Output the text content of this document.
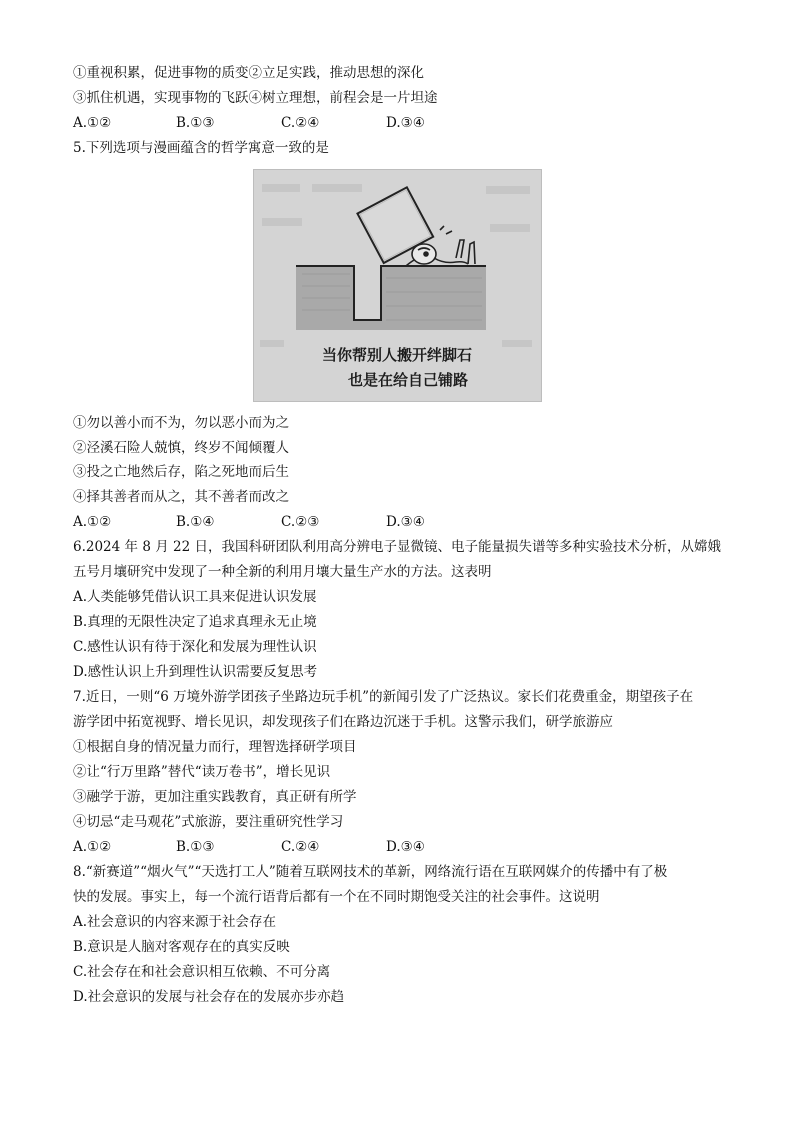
①重视积累，促进事物的质变②立足实践，推动思想的深化
③抓住机遇，实现事物的飞跃④树立理想，前程会是一片坦途
A.①②	B.①③	C.②④	D.③④
5.下列选项与漫画蕴含的哲学寓意一致的是
当你帮别人搬开绊脚石
也是在给自己铺路
①勿以善小而不为，勿以恶小而为之
②泾溪石险人兢慎，终岁不闻倾覆人
③投之亡地然后存，陷之死地而后生
④择其善者而从之，其不善者而改之
A.①②	B.①④	C.②③	D.③④
6.2024 年 8 月 22 日，我国科研团队利用高分辨电子显微镜、电子能量损失谱等多种实验技术分析，从嫦娥
五号月壤研究中发现了一种全新的利用月壤大量生产水的方法。这表明
A.人类能够凭借认识工具来促进认识发展
B.真理的无限性决定了追求真理永无止境
C.感性认识有待于深化和发展为理性认识
D.感性认识上升到理性认识需要反复思考
7.近日，一则“6 万境外游学团孩子坐路边玩手机”的新闻引发了广泛热议。家长们花费重金，期望孩子在
游学团中拓宽视野、增长见识，却发现孩子们在路边沉迷于手机。这警示我们，研学旅游应
①根据自身的情况量力而行，理智选择研学项目
②让“行万里路”替代“读万卷书”，增长见识
③融学于游，更加注重实践教育，真正研有所学
④切忌“走马观花”式旅游，要注重研究性学习
A.①②	B.①③	C.②④	D.③④
8.“新赛道”“烟火气”“天选打工人”随着互联网技术的革新，网络流行语在互联网媒介的传播中有了极
快的发展。事实上，每一个流行语背后都有一个在不同时期饱受关注的社会事件。这说明
A.社会意识的内容来源于社会存在
B.意识是人脑对客观存在的真实反映
C.社会存在和社会意识相互依赖、不可分离
D.社会意识的发展与社会存在的发展亦步亦趋
